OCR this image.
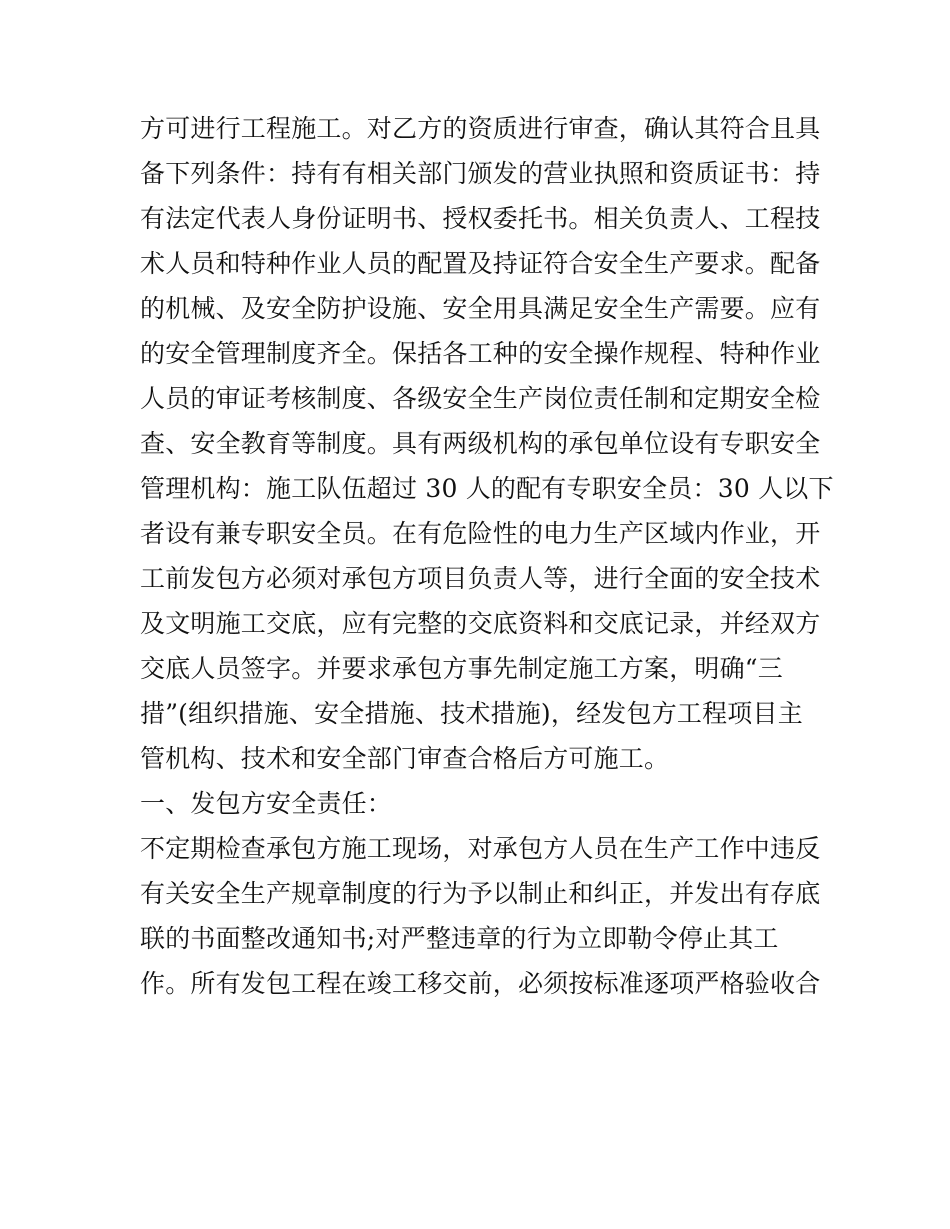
方可进行工程施工。对乙方的资质进行审查，确认其符合且具
备下列条件：持有有相关部门颁发的营业执照和资质证书：持
有法定代表人身份证明书、授权委托书。相关负责人、工程技
术人员和特种作业人员的配置及持证符合安全生产要求。配备
的机械、及安全防护设施、安全用具满足安全生产需要。应有
的安全管理制度齐全。保括各工种的安全操作规程、特种作业
人员的审证考核制度、各级安全生产岗位责任制和定期安全检
查、安全教育等制度。具有两级机构的承包单位设有专职安全
管理机构：施工队伍超过 30 人的配有专职安全员：30 人以下
者设有兼专职安全员。在有危险性的电力生产区域内作业，开
工前发包方必须对承包方项目负责人等，进行全面的安全技术
及文明施工交底，应有完整的交底资料和交底记录，并经双方
交底人员签字。并要求承包方事先制定施工方案，明确“三
措”(组织措施、安全措施、技术措施)，经发包方工程项目主
管机构、技术和安全部门审查合格后方可施工。
一、发包方安全责任：
不定期检查承包方施工现场，对承包方人员在生产工作中违反
有关安全生产规章制度的行为予以制止和纠正，并发出有存底
联的书面整改通知书;对严整违章的行为立即勒令停止其工
作。所有发包工程在竣工移交前，必须按标准逐项严格验收合
